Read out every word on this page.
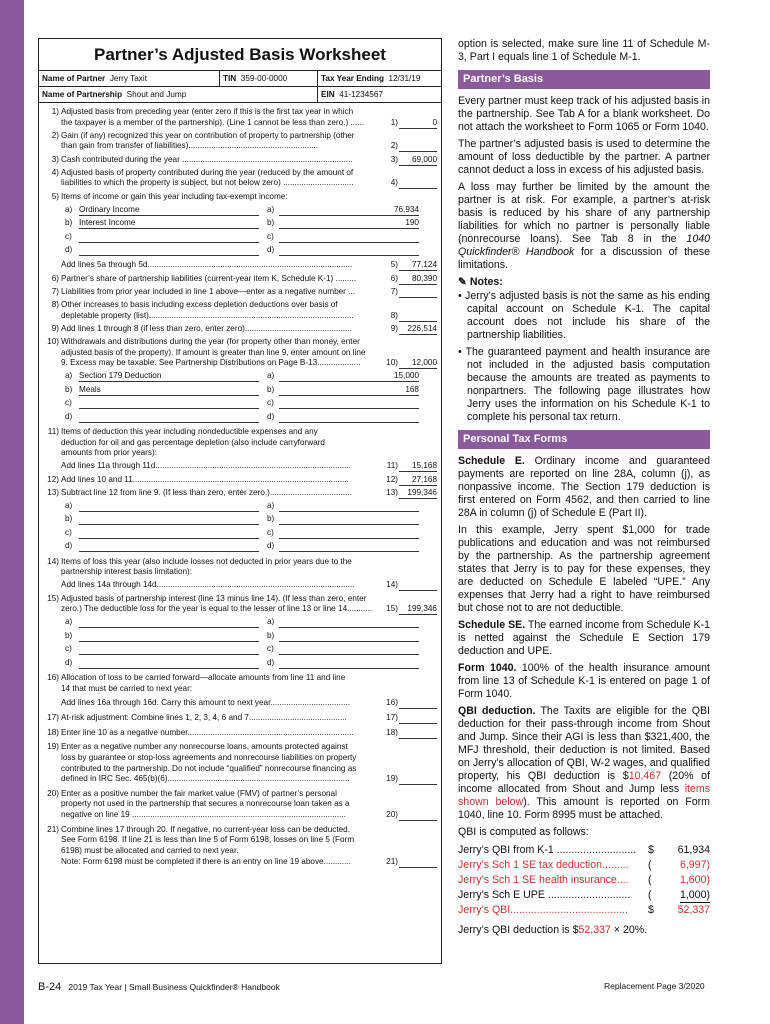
Partner’s Adjusted Basis Worksheet
Name of Partner Jerry Taxit	TIN 359-00-0000	Tax Year Ending 12/31/19
Name of Partnership Shout and Jump	EIN 41-1234567
1) Adjusted basis from preceding year (enter zero if this is the first tax year in which
the taxpayer is a member of the partnership). (Line 1 cannot be less than zero.) ......	1)	0
2) Gain (if any) recognized this year on contribution of property to partnership (other
than gain from transfer of liabilities).........................................................	2)
3) Cash contributed during the year ...........................................................................	3)	69,000
4) Adjusted basis of property contributed during the year (reduced by the amount of
liabilities to which the property is subject, but not below zero) ...............................	4)
5) Items of income or gain this year including tax-exempt income:
a) Ordinary Income	a)	76,934
b) Interest Income	b)	190
c)	c)
d)	d)
Add lines 5a through 5d..........................................................................................	5)	77,124
6) Partner’s share of partnership liabilities (current-year item K, Schedule K-1) .........	6)	80,390
7) Liabilities from prior year included in line 1 above—enter as a negative number ...	7)
8) Other increases to basis including excess depletion deductions over basis of
depletable property (list)..........................................................................................	8)
9) Add lines 1 through 8 (if less than zero, enter zero)...............................................	9)	226,514
10) Withdrawals and distributions during the year (for property other than money, enter
adjusted basis of the property). If amount is greater than line 9, enter amount on line
9. Excess may be taxable. See Partnership Distributions on Page B-13...................	10)	12,000
a) Section 179 Deduction	a)	15,000
b) Meals	b)	168
c)	c)
d)	d)
11) Items of deduction this year including nondeductible expenses and any
deduction for oil and gas percentage depletion (also include carryforward
amounts from prior years):
Add lines 11a through 11d......................................................................................	11)	15,168
12) Add lines 10 and 11...............................................................................................	12)	27,168
13) Subtract line 12 from line 9. (If less than zero, enter zero.)....................................	13)	199,346
a)	a)
b)	b)
c)	c)
d)	d)
14) Items of loss this year (also include losses not deducted in prior years due to the
partnership interest basis limitation):
Add lines 14a through 14d.......................................................................................	14)
15) Adjusted basis of partnership interest (line 13 minus line 14). (If less than zero, enter
zero.) The deductible loss for the year is equal to the lesser of line 13 or line 14...........	15)	199,346
a)	a)
b)	b)
c)	c)
d)	d)
16) Allocation of loss to be carried forward—allocate amounts from line 11 and line
14 that must be carried to next year:
Add lines 16a through 16d. Carry this amount to next year...................................	16)
17) At-risk adjustment: Combine lines 1, 2, 3, 4, 6 and 7...........................................	17)
18) Enter line 10 as a negative number.........................................................................	18)
19) Enter as a negative number any nonrecourse loans, amounts protected against
loss by guarantee or stop-loss agreements and nonrecourse liabilities on property
contributed to the partnership. Do not include “qualified” nonrecourse financing as
defined in IRC Sec. 465(b)(6)................................................................................	19)
20) Enter as a positive number the fair market value (FMV) of partner’s personal
property not used in the partnership that secures a nonrecourse loan taken as a
negative on line 19 ..............................................................................................	20)
21) Combine lines 17 through 20. If negative, no current-year loss can be deducted.
See Form 6198. If line 21 is less than line 5 of Form 6198, losses on line 5 (Form
6198) must be allocated and carried to next year.
Note: Form 6198 must be completed if there is an entry on line 19 above............	21)
option is selected, make sure line 11 of Schedule M-3, Part I equals line 1 of Schedule M-1.
Partner’s Basis
Every partner must keep track of his adjusted basis in the partnership. See Tab A for a blank worksheet. Do not attach the worksheet to Form 1065 or Form 1040.
The partner’s adjusted basis is used to determine the amount of loss deductible by the partner. A partner cannot deduct a loss in excess of his adjusted basis.
A loss may further be limited by the amount the partner is at risk. For example, a partner’s at-risk basis is reduced by his share of any partnership liabilities for which no partner is personally liable (nonrecourse loans). See Tab 8 in the 1040 Quickfinder® Handbook for a discussion of these limitations.
✎ Notes:
• Jerry’s adjusted basis is not the same as his ending capital account on Schedule K-1. The capital account does not include his share of the partnership liabilities.
• The guaranteed payment and health insurance are not included in the adjusted basis computation because the amounts are treated as payments to nonpartners. The following page illustrates how Jerry uses the information on his Schedule K-1 to complete his personal tax return.
Personal Tax Forms
Schedule E. Ordinary income and guaranteed payments are reported on line 28A, column (j), as nonpassive income. The Section 179 deduction is first entered on Form 4562, and then carried to line 28A in column (j) of Schedule E (Part II).
In this example, Jerry spent $1,000 for trade publications and education and was not reimbursed by the partnership. As the partnership agreement states that Jerry is to pay for these expenses, they are deducted on Schedule E labeled “UPE.” Any expenses that Jerry had a right to have reimbursed but chose not to are not deductible.
Schedule SE. The earned income from Schedule K-1 is netted against the Schedule E Section 179 deduction and UPE.
Form 1040. 100% of the health insurance amount from line 13 of Schedule K-1 is entered on page 1 of Form 1040.
QBI deduction. The Taxits are eligible for the QBI deduction for their pass-through income from Shout and Jump. Since their AGI is less than $321,400, the MFJ threshold, their deduction is not limited. Based on Jerry’s allocation of QBI, W-2 wages, and qualified property, his QBI deduction is $10,467 (20% of income allocated from Shout and Jump less items shown below). This amount is reported on Form 1040, line 10. Form 8995 must be attached.
QBI is computed as follows:
Jerry’s QBI from K-1 ........................... $ 61,934
Jerry’s Sch 1 SE tax deduction......... (	6,997)
Jerry’s Sch 1 SE health insurance.... (	1,600)
Jerry’s Sch E UPE ............................ (	1,000)
Jerry’s QBI........................................ $ 52,337
Jerry’s QBI deduction is $52,337 × 20%.
B-24 2019 Tax Year | Small Business Quickfinder® Handbook	Replacement Page 3/2020
